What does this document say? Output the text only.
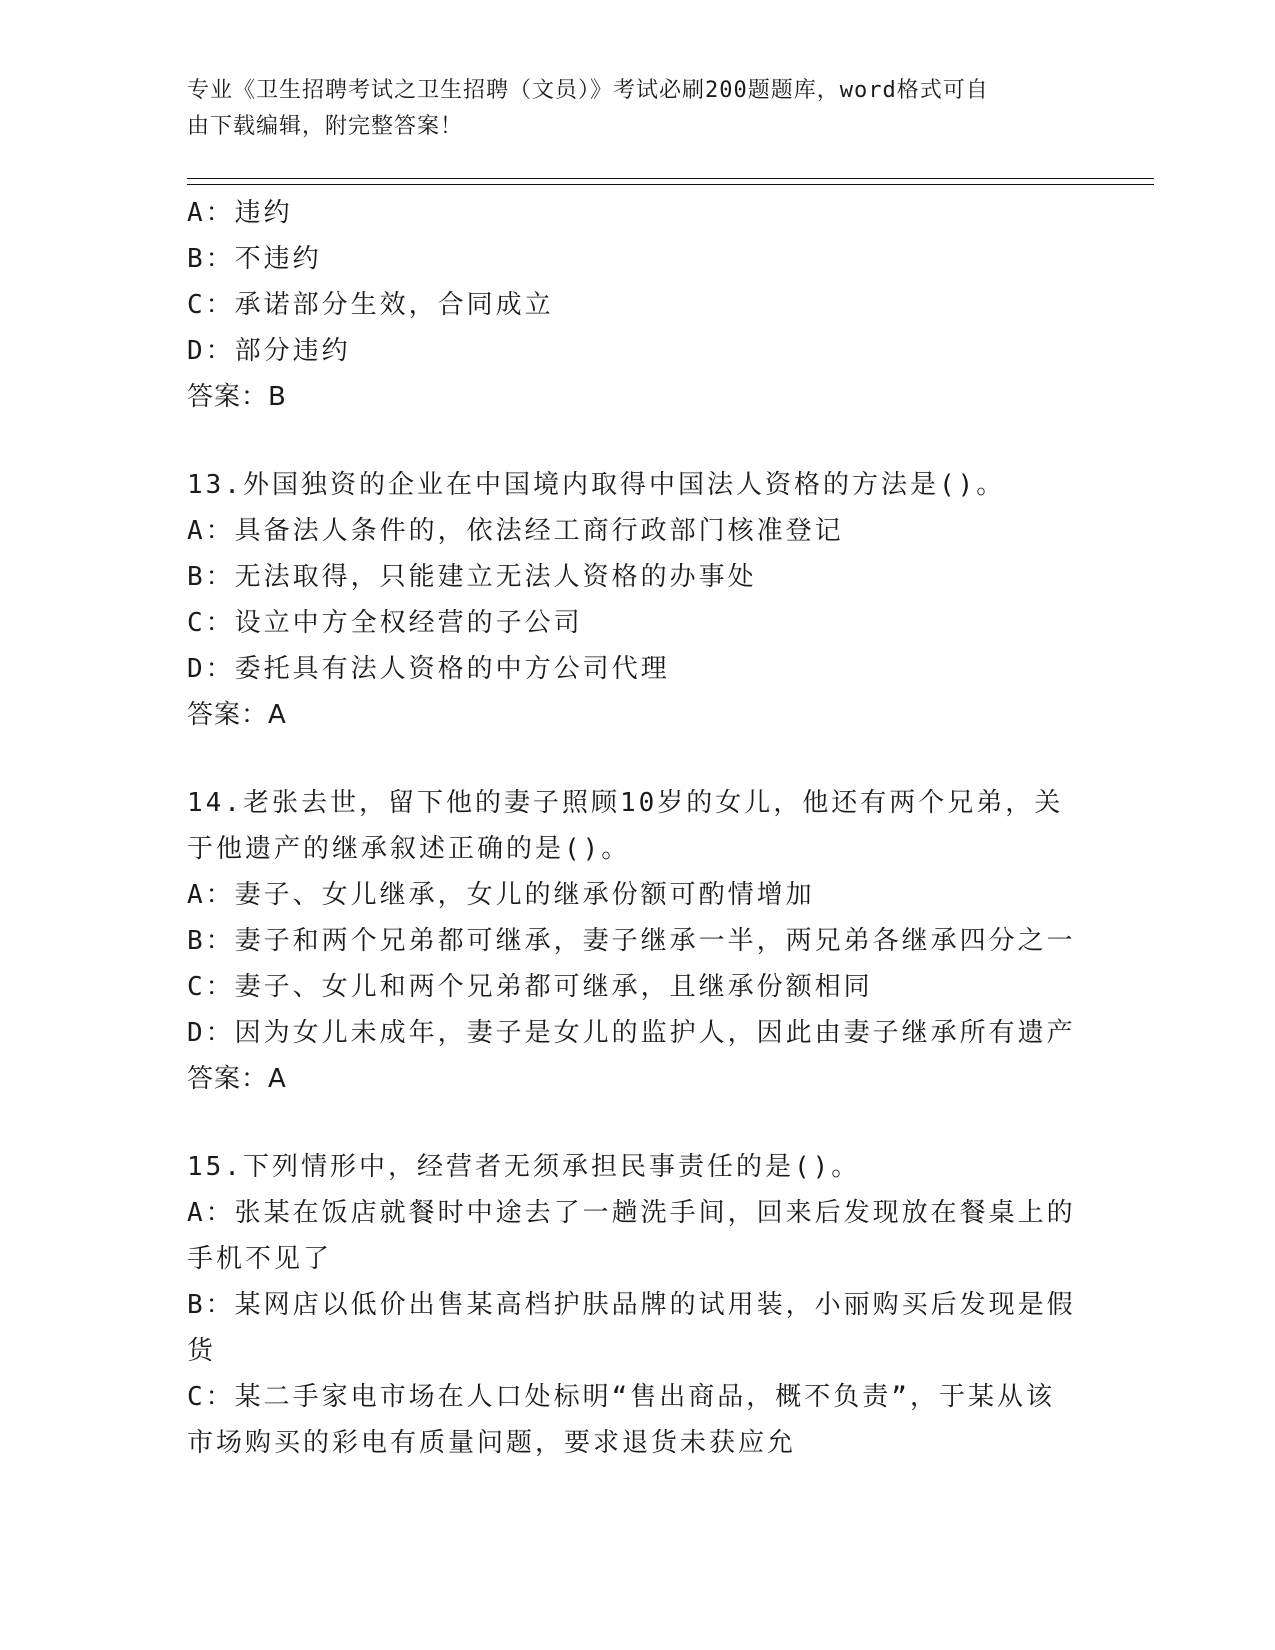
专业《卫生招聘考试之卫生招聘（文员）》考试必刷200题题库，word格式可自
由下载编辑，附完整答案！
A：违约
B：不违约
C：承诺部分生效，合同成立
D：部分违约
答案：B
13.外国独资的企业在中国境内取得中国法人资格的方法是()。
A：具备法人条件的，依法经工商行政部门核准登记
B：无法取得，只能建立无法人资格的办事处
C：设立中方全权经营的子公司
D：委托具有法人资格的中方公司代理
答案：A
14.老张去世，留下他的妻子照顾10岁的女儿，他还有两个兄弟，关
于他遗产的继承叙述正确的是()。
A：妻子、女儿继承，女儿的继承份额可酌情增加
B：妻子和两个兄弟都可继承，妻子继承一半，两兄弟各继承四分之一
C：妻子、女儿和两个兄弟都可继承，且继承份额相同
D：因为女儿未成年，妻子是女儿的监护人，因此由妻子继承所有遗产
答案：A
15.下列情形中，经营者无须承担民事责任的是()。
A：张某在饭店就餐时中途去了一趟洗手间，回来后发现放在餐桌上的
手机不见了
B：某网店以低价出售某高档护肤品牌的试用装，小丽购买后发现是假
货
C：某二手家电市场在人口处标明“售出商品，概不负责”，于某从该
市场购买的彩电有质量问题，要求退货未获应允
